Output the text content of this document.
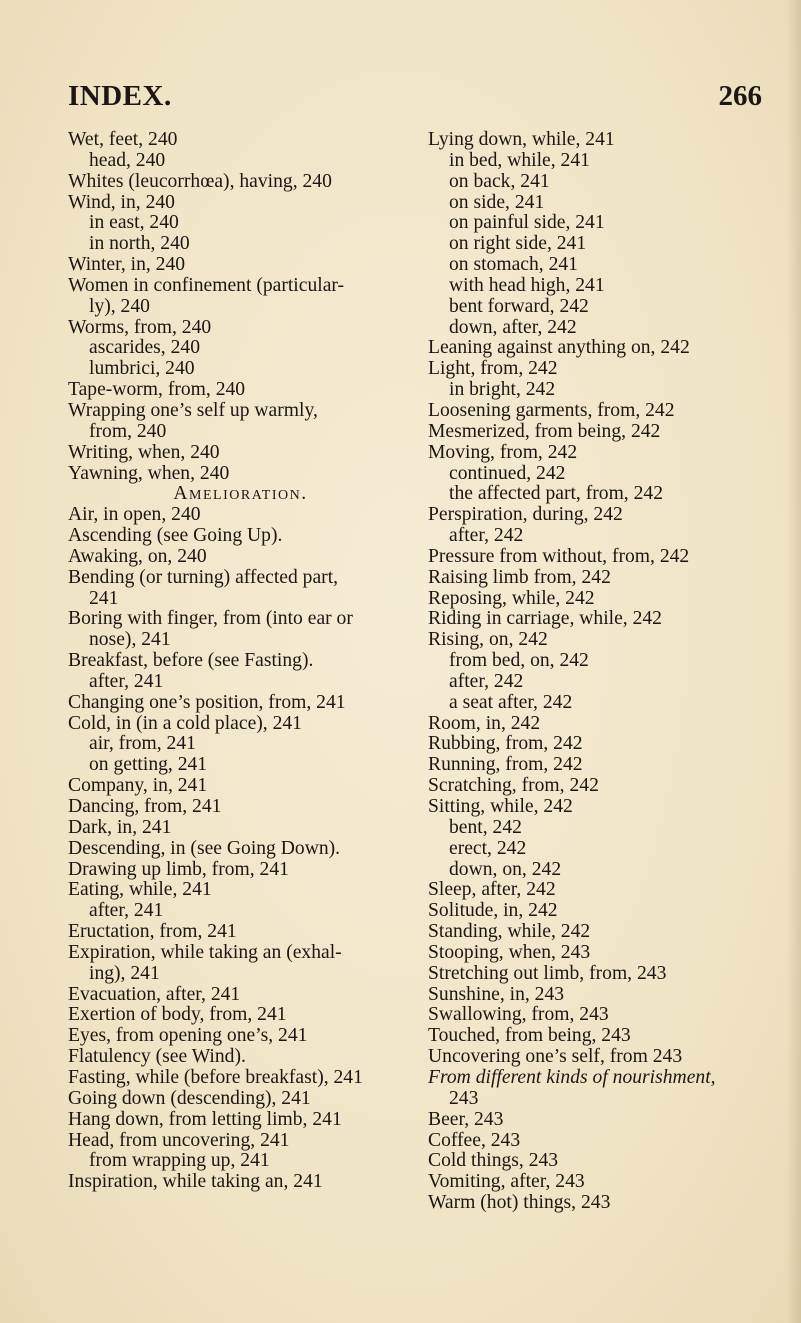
INDEX.	266
Wet, feet, 240
head, 240
Whites (leucorrhœa), having, 240
Wind, in, 240
in east, 240
in north, 240
Winter, in, 240
Women in confinement (particular-
ly), 240
Worms, from, 240
ascarides, 240
lumbrici, 240
Tape-worm, from, 240
Wrapping one’s self up warmly,
from, 240
Writing, when, 240
Yawning, when, 240
Amelioration.
Air, in open, 240
Ascending (see Going Up).
Awaking, on, 240
Bending (or turning) affected part,
241
Boring with finger, from (into ear or
nose), 241
Breakfast, before (see Fasting).
after, 241
Changing one’s position, from, 241
Cold, in (in a cold place), 241
air, from, 241
on getting, 241
Company, in, 241
Dancing, from, 241
Dark, in, 241
Descending, in (see Going Down).
Drawing up limb, from, 241
Eating, while, 241
after, 241
Eructation, from, 241
Expiration, while taking an (exhal-
ing), 241
Evacuation, after, 241
Exertion of body, from, 241
Eyes, from opening one’s, 241
Flatulency (see Wind).
Fasting, while (before breakfast), 241
Going down (descending), 241
Hang down, from letting limb, 241
Head, from uncovering, 241
from wrapping up, 241
Inspiration, while taking an, 241
Lying down, while, 241
in bed, while, 241
on back, 241
on side, 241
on painful side, 241
on right side, 241
on stomach, 241
with head high, 241
bent forward, 242
down, after, 242
Leaning against anything on, 242
Light, from, 242
in bright, 242
Loosening garments, from, 242
Mesmerized, from being, 242
Moving, from, 242
continued, 242
the affected part, from, 242
Perspiration, during, 242
after, 242
Pressure from without, from, 242
Raising limb from, 242
Reposing, while, 242
Riding in carriage, while, 242
Rising, on, 242
from bed, on, 242
after, 242
a seat after, 242
Room, in, 242
Rubbing, from, 242
Running, from, 242
Scratching, from, 242
Sitting, while, 242
bent, 242
erect, 242
down, on, 242
Sleep, after, 242
Solitude, in, 242
Standing, while, 242
Stooping, when, 243
Stretching out limb, from, 243
Sunshine, in, 243
Swallowing, from, 243
Touched, from being, 243
Uncovering one’s self, from 243
From different kinds of nourishment,
243
Beer, 243
Coffee, 243
Cold things, 243
Vomiting, after, 243
Warm (hot) things, 243
